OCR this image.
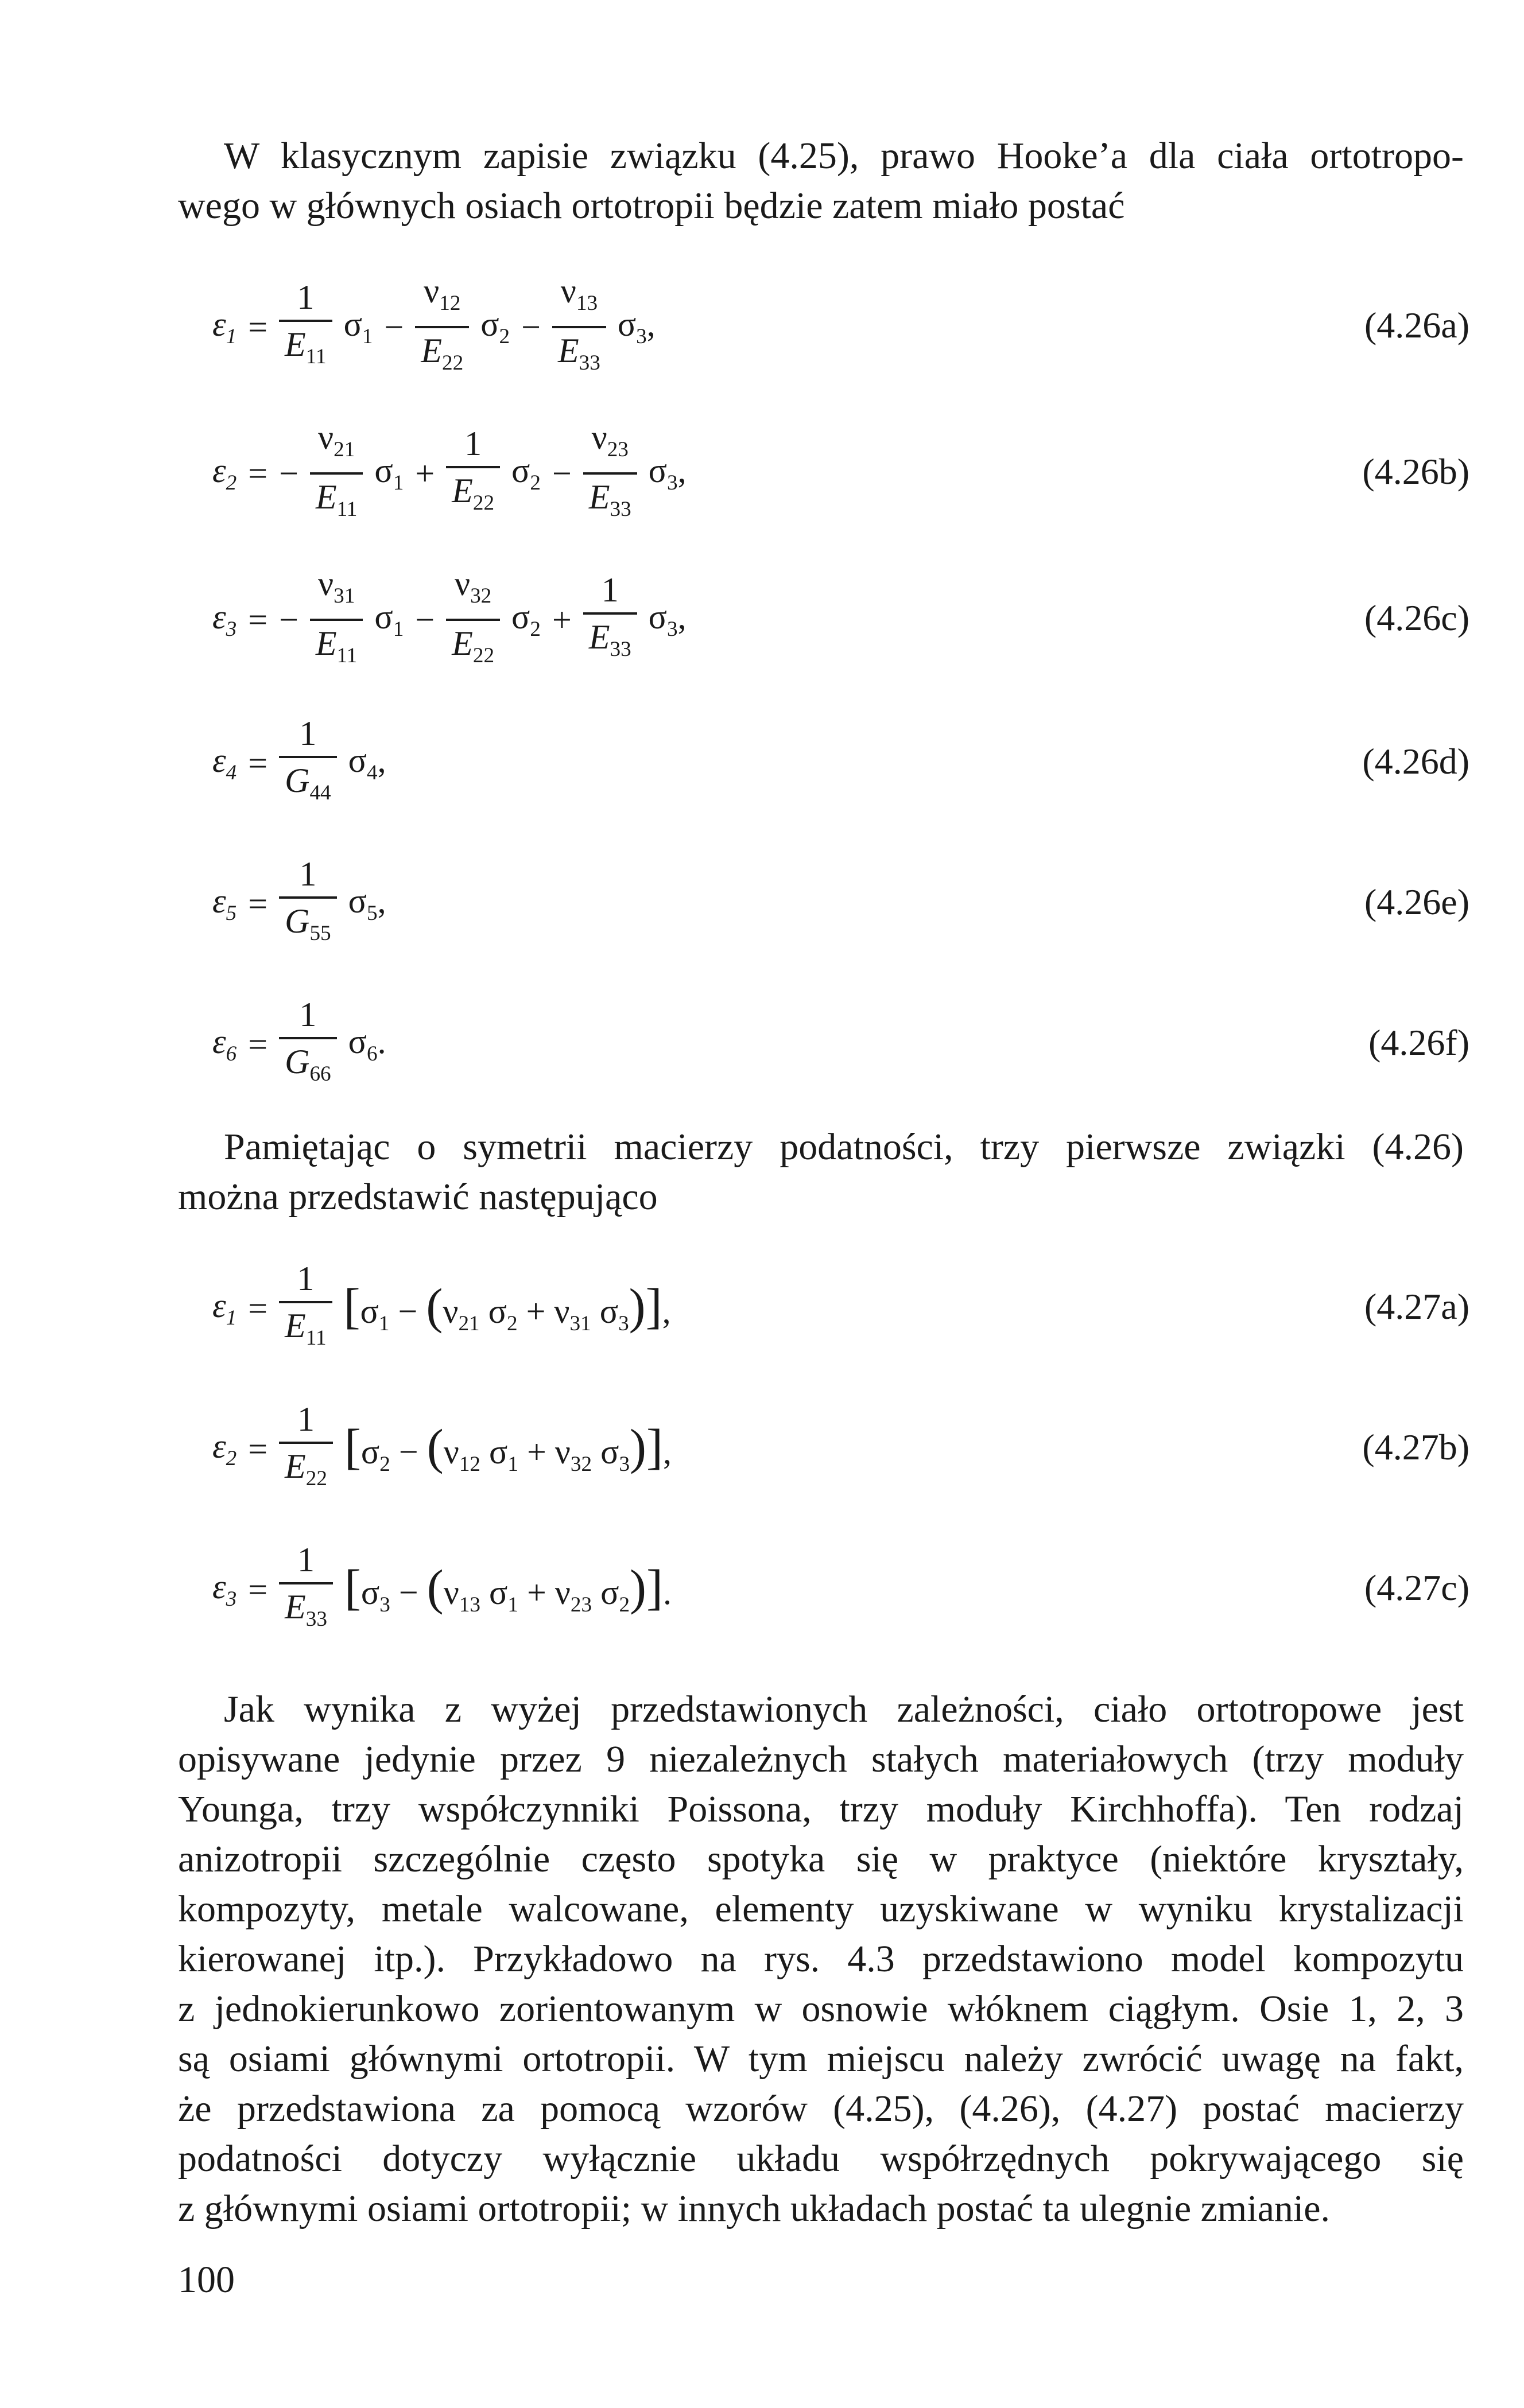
W klasycznym zapisie związku (4.25), prawo Hooke’a dla ciała ortotropo-
wego w głównych osiach ortotropii będzie zatem miało postać
$\varepsilon_1 = \frac{1}{E_{11}} \sigma_1 - \frac{\nu_{12}}{E_{22}} \sigma_2 - \frac{\nu_{13}}{E_{33}} \sigma_3$,	(4.26a)
$\varepsilon_2$ = − $\frac{\nu_{21}}{E_{11}} \sigma_1 + \frac{1}{E_{22}} \sigma_2 - \frac{\nu_{23}}{E_{33}} \sigma_3$,	(4.26b)
$\varepsilon_3$ = − $\frac{\nu_{31}}{E_{11}} \sigma_1 - \frac{\nu_{32}}{E_{22}} \sigma_2 + \frac{1}{E_{33}} \sigma_3$,	(4.26c)
$\varepsilon_4 = \frac{1}{G_{44}} \sigma_4$,	(4.26d)
$\varepsilon_5 = \frac{1}{G_{55}} \sigma_5$,	(4.26e)
$\varepsilon_6 = \frac{1}{G_{66}} \sigma_6$.	(4.26f)
Pamiętając o symetrii macierzy podatności, trzy pierwsze związki (4.26)
można przedstawić następująco
$\varepsilon_1 = \frac{1}{E_{11}} [\sigma_1 - (\nu_{21}$ $\sigma_2 + \nu_{31}$ $\sigma_3$)],	(4.27a)
$\varepsilon_2 = \frac{1}{E_{22}} [\sigma_2 - (\nu_{12}$ $\sigma_1 + \nu_{32}$ $\sigma_3$)],	(4.27b)
$\varepsilon_3 = \frac{1}{E_{33}} [\sigma_3 - (\nu_{13}$ $\sigma_1 + \nu_{23}$ $\sigma_2$)].	(4.27c)
Jak wynika z wyżej przedstawionych zależności, ciało ortotropowe jest
opisywane jedynie przez 9 niezależnych stałych materiałowych (trzy moduły
Younga, trzy współczynniki Poissona, trzy moduły Kirchhoffa). Ten rodzaj
anizotropii szczególnie często spotyka się w praktyce (niektóre kryształy,
kompozyty, metale walcowane, elementy uzyskiwane w wyniku krystalizacji
kierowanej itp.). Przykładowo na rys. 4.3 przedstawiono model kompozytu
z jednokierunkowo zorientowanym w osnowie włóknem ciągłym. Osie 1, 2, 3
są osiami głównymi ortotropii. W tym miejscu należy zwrócić uwagę na fakt,
że przedstawiona za pomocą wzorów (4.25), (4.26), (4.27) postać macierzy
podatności dotyczy wyłącznie układu współrzędnych pokrywającego się
z głównymi osiami ortotropii; w innych układach postać ta ulegnie zmianie.
100
